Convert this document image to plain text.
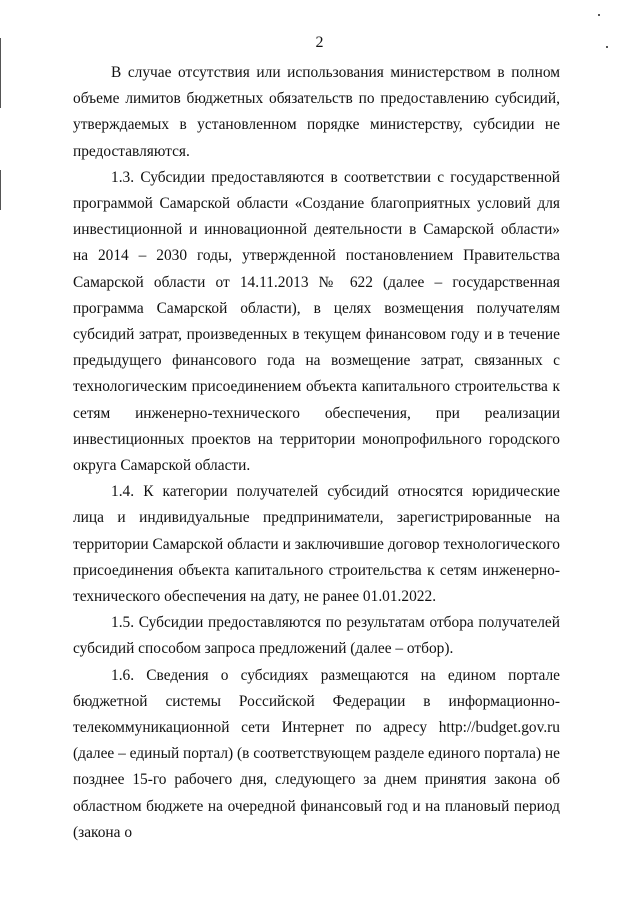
2

В случае отсутствия или использования министерством в полном объеме лимитов бюджетных обязательств по предоставлению субсидий, утверждаемых в установленном порядке министерству, субсидии не предоставляются.

1.3. Субсидии предоставляются в соответствии с государственной программой Самарской области «Создание благоприятных условий для инвестиционной и инновационной деятельности в Самарской области» на 2014 – 2030 годы, утвержденной постановлением Правительства Самарской области от 14.11.2013 № 622 (далее – государственная программа Самарской области), в целях возмещения получателям субсидий затрат, произведенных в текущем финансовом году и в течение предыдущего финансового года на возмещение затрат, связанных с технологическим присоединением объекта капитального строительства к сетям инженерно-технического обеспечения, при реализации инвестиционных проектов на территории монопрофильного городского округа Самарской области.

1.4. К категории получателей субсидий относятся юридические лица и индивидуальные предприниматели, зарегистрированные на территории Самарской области и заключившие договор технологического присоединения объекта капитального строительства к сетям инженерно-технического обеспечения на дату, не ранее 01.01.2022.

1.5. Субсидии предоставляются по результатам отбора получателей субсидий способом запроса предложений (далее – отбор).

1.6. Сведения о субсидиях размещаются на едином портале бюджетной системы Российской Федерации в информационно-телекоммуникационной сети Интернет по адресу http://budget.gov.ru (далее – единый портал) (в соответствующем разделе единого портала) не позднее 15-го рабочего дня, следующего за днем принятия закона об областном бюджете на очередной финансовый год и на плановый период (закона о
